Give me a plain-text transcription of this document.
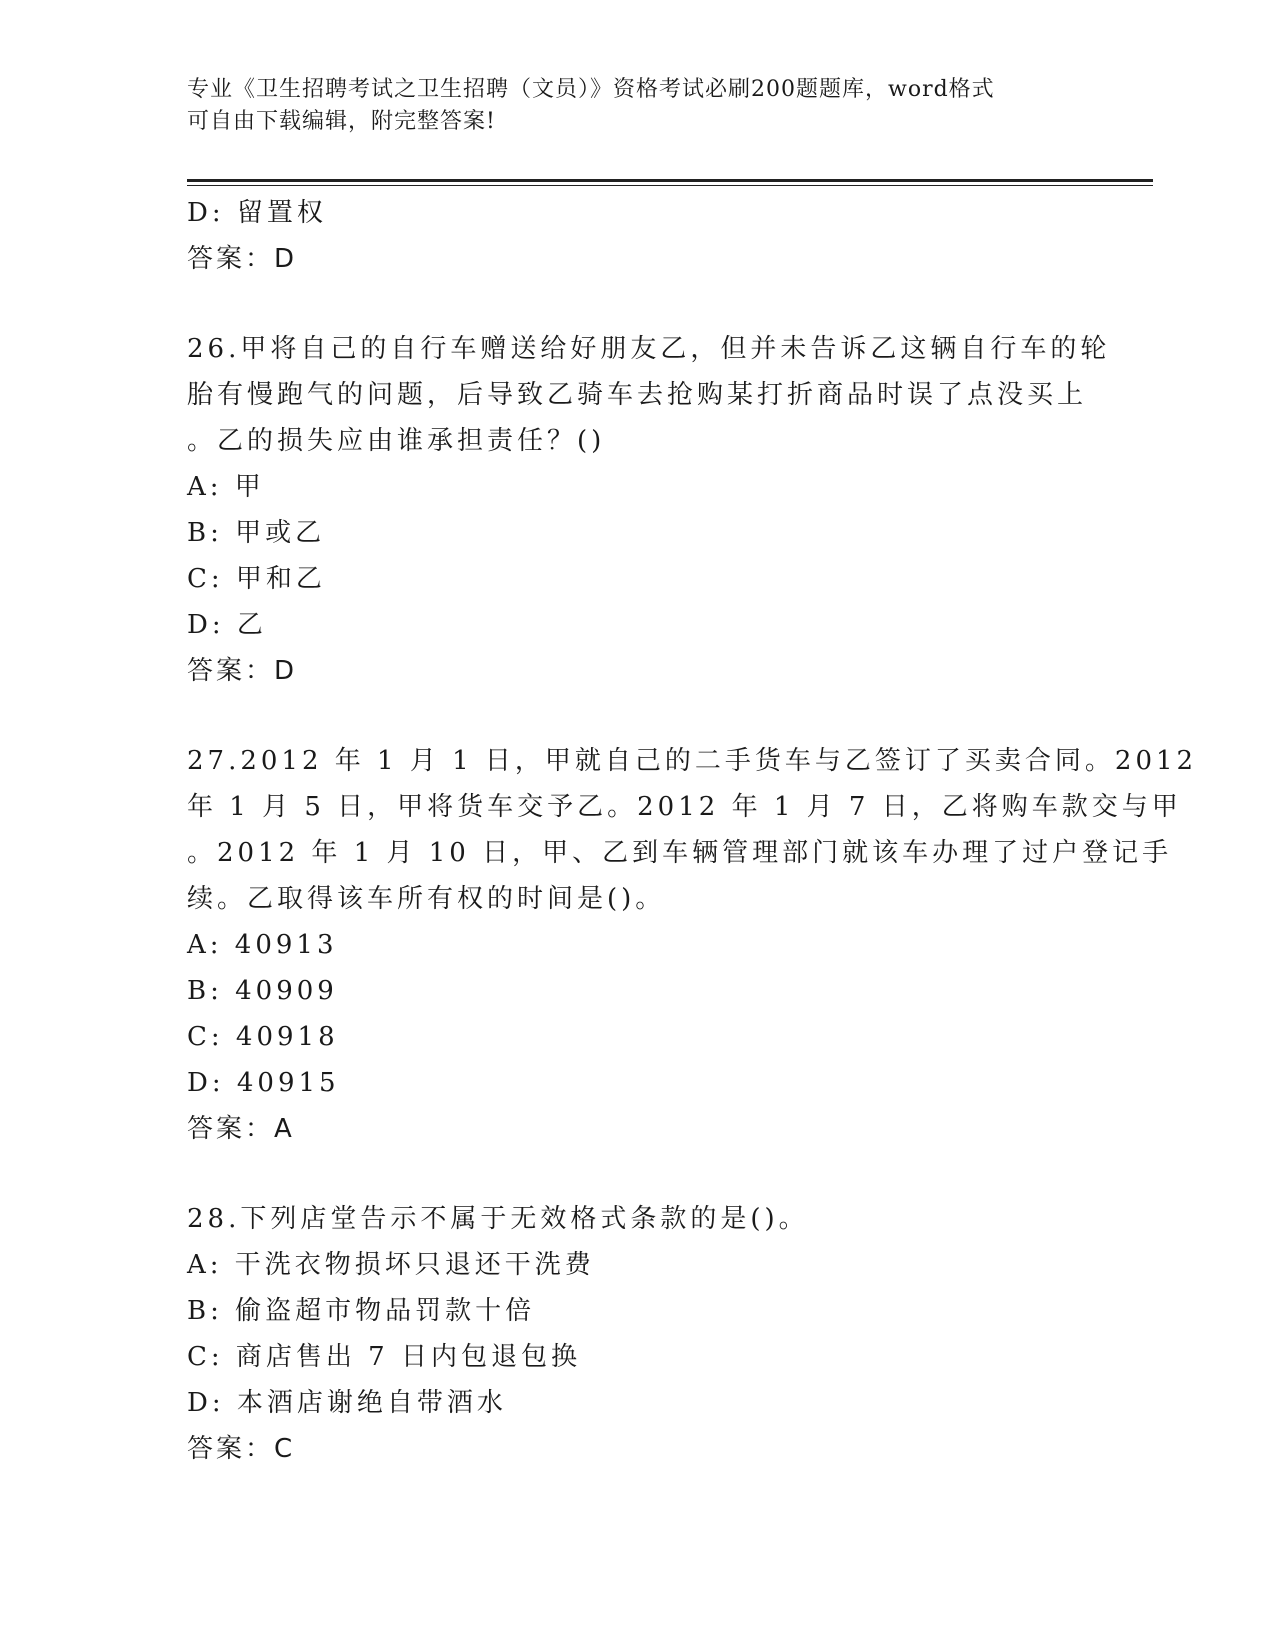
专业《卫生招聘考试之卫生招聘（文员）》资格考试必刷200题题库，word格式
可自由下载编辑，附完整答案!
D: 留置权
答案：D
26.甲将自己的自行车赠送给好朋友乙，但并未告诉乙这辆自行车的轮
胎有慢跑气的问题，后导致乙骑车去抢购某打折商品时误了点没买上
。乙的损失应由谁承担责任？()
A: 甲
B: 甲或乙
C: 甲和乙
D: 乙
答案：D
27.2012 年 1 月 1 日，甲就自己的二手货车与乙签订了买卖合同。2012
年 1 月 5 日，甲将货车交予乙。2012 年 1 月 7 日，乙将购车款交与甲
。2012 年 1 月 10 日，甲、乙到车辆管理部门就该车办理了过户登记手
续。乙取得该车所有权的时间是()。
A: 40913
B: 40909
C: 40918
D: 40915
答案：A
28.下列店堂告示不属于无效格式条款的是()。
A: 干洗衣物损坏只退还干洗费
B: 偷盗超市物品罚款十倍
C: 商店售出 7 日内包退包换
D: 本酒店谢绝自带酒水
答案：C
